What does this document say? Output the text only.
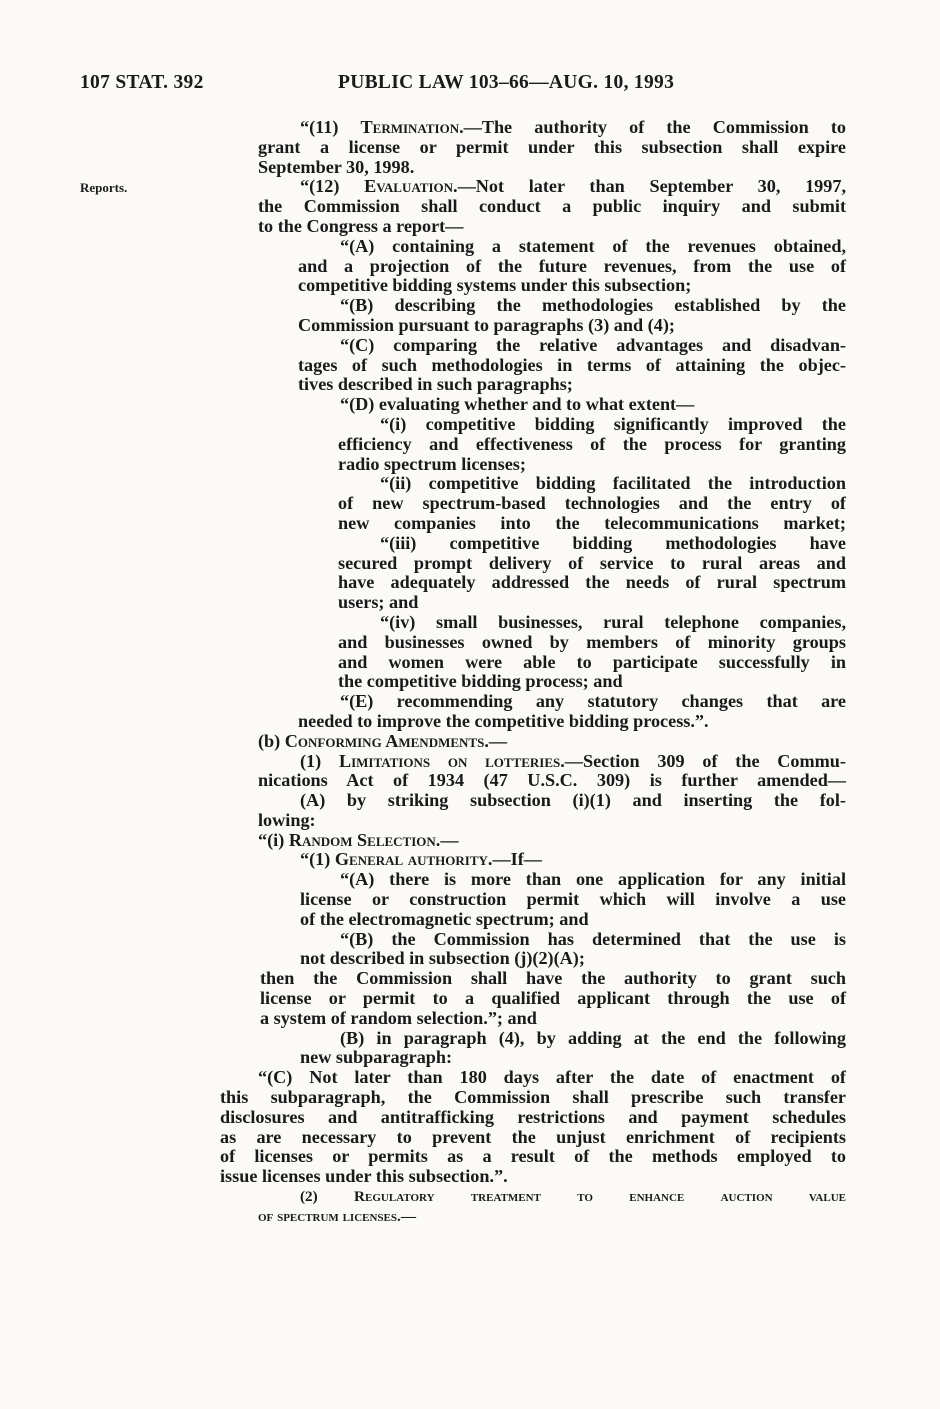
107 STAT. 392	PUBLIC LAW 103–66—AUG. 10, 1993
Reports.
“(11) Termination.—The authority of the Commission to
grant a license or permit under this subsection shall expire
September 30, 1998.
“(12) Evaluation.—Not later than September 30, 1997,
the Commission shall conduct a public inquiry and submit
to the Congress a report—
“(A) containing a statement of the revenues obtained,
and a projection of the future revenues, from the use of
competitive bidding systems under this subsection;
“(B) describing the methodologies established by the
Commission pursuant to paragraphs (3) and (4);
“(C) comparing the relative advantages and disadvan-
tages of such methodologies in terms of attaining the objec-
tives described in such paragraphs;
“(D) evaluating whether and to what extent—
“(i) competitive bidding significantly improved the
efficiency and effectiveness of the process for granting
radio spectrum licenses;
“(ii) competitive bidding facilitated the introduction
of new spectrum-based technologies and the entry of
new companies into the telecommunications market;
“(iii) competitive bidding methodologies have
secured prompt delivery of service to rural areas and
have adequately addressed the needs of rural spectrum
users; and
“(iv) small businesses, rural telephone companies,
and businesses owned by members of minority groups
and women were able to participate successfully in
the competitive bidding process; and
“(E) recommending any statutory changes that are
needed to improve the competitive bidding process.”.
(b) Conforming Amendments.—
(1) Limitations on lotteries.—Section 309 of the Commu-
nications Act of 1934 (47 U.S.C. 309) is further amended—
(A) by striking subsection (i)(1) and inserting the fol-
lowing:
“(i) Random Selection.—
“(1) General authority.—If—
“(A) there is more than one application for any initial
license or construction permit which will involve a use
of the electromagnetic spectrum; and
“(B) the Commission has determined that the use is
not described in subsection (j)(2)(A);
then the Commission shall have the authority to grant such
license or permit to a qualified applicant through the use of
a system of random selection.”; and
(B) in paragraph (4), by adding at the end the following
new subparagraph:
“(C) Not later than 180 days after the date of enactment of
this subparagraph, the Commission shall prescribe such transfer
disclosures and antitrafficking restrictions and payment schedules
as are necessary to prevent the unjust enrichment of recipients
of licenses or permits as a result of the methods employed to
issue licenses under this subsection.”.
(2) Regulatory treatment to enhance auction value
of spectrum licenses.—
